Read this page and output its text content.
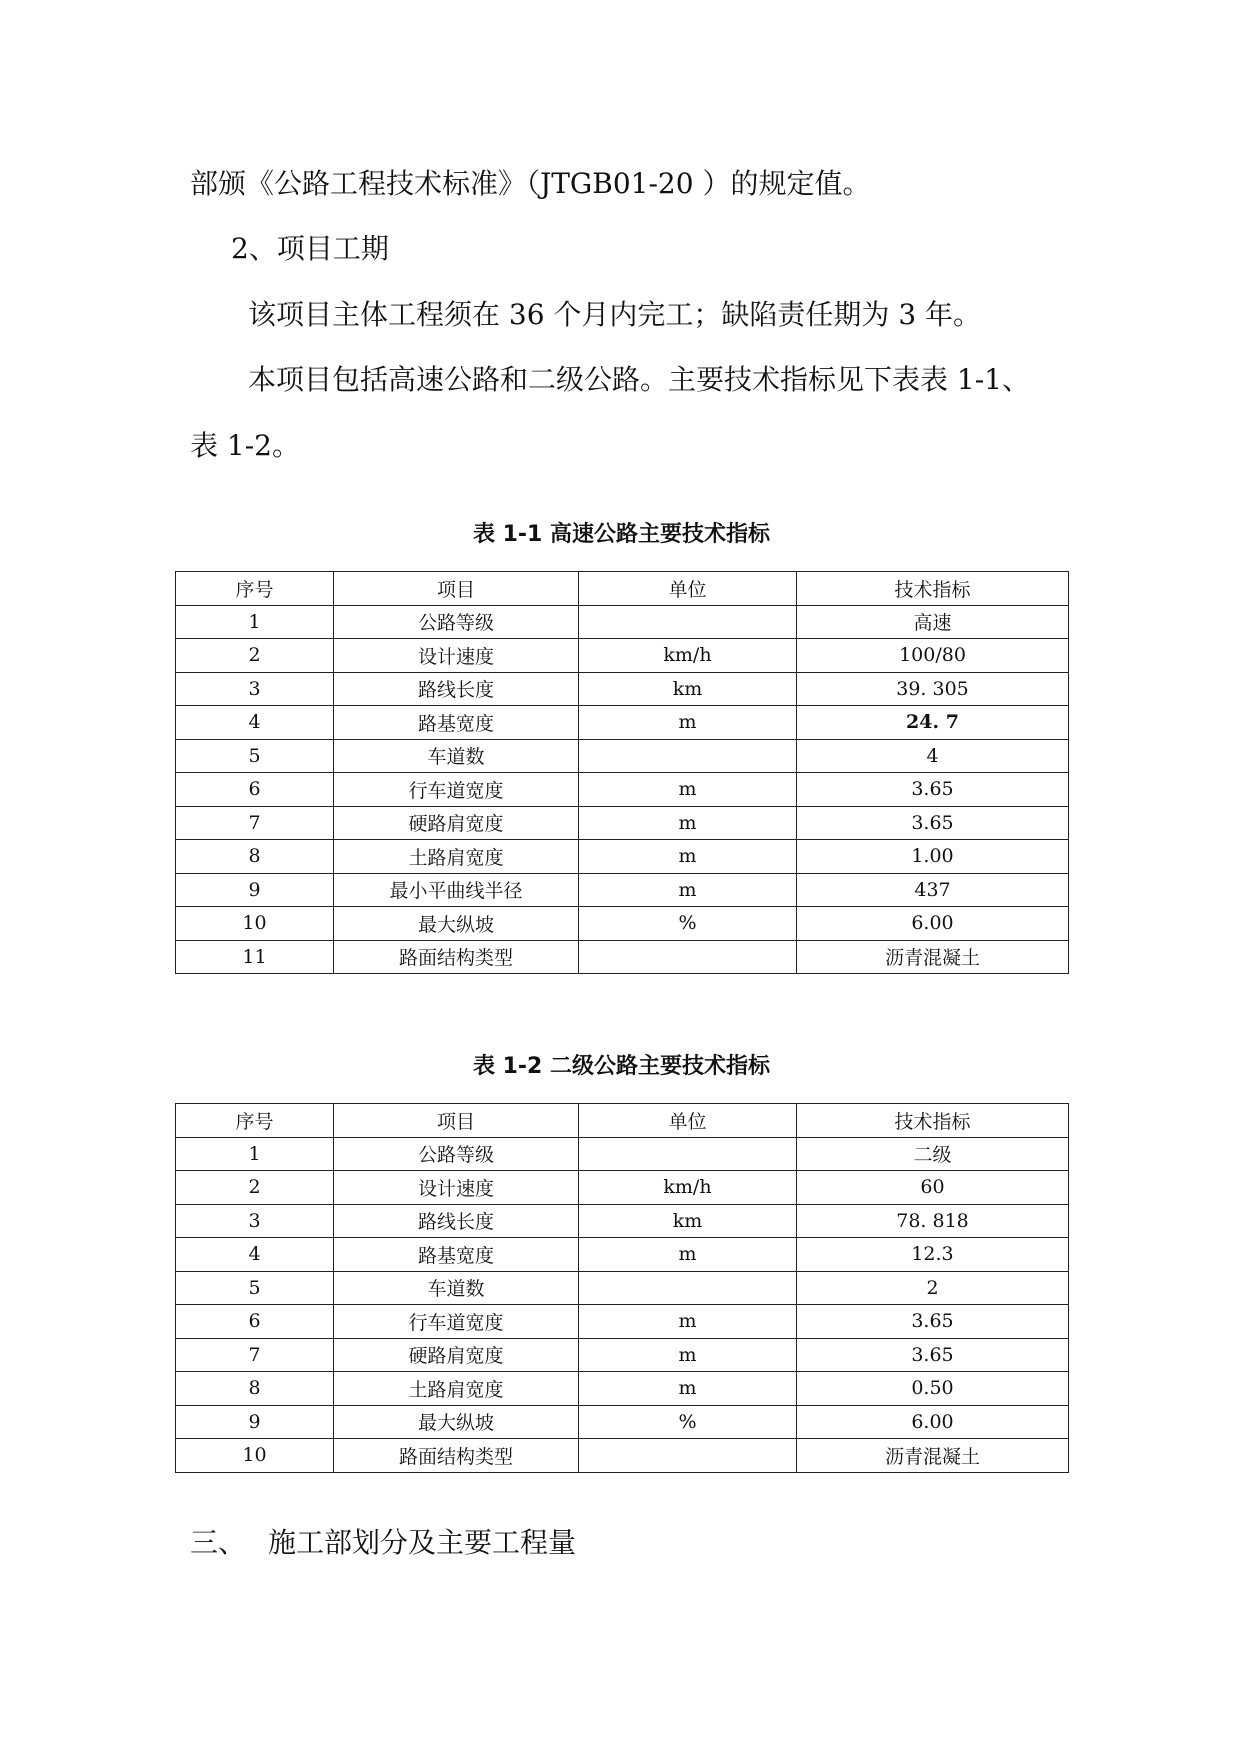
部颁《公路工程技术标准》（JTGB01-20 ）的规定值。
2、项目工期
该项目主体工程须在 36 个月内完工；缺陷责任期为 3 年。
本项目包括高速公路和二级公路。主要技术指标见下表表 1-1、
表 1-2。
表 1-1 高速公路主要技术指标
序号	项目	单位	技术指标
1	公路等级		高速
2	设计速度	km/h	100/80
3	路线长度	km	39. 305
4	路基宽度	m	24. 7
5	车道数		4
6	行车道宽度	m	3.65
7	硬路肩宽度	m	3.65
8	土路肩宽度	m	1.00
9	最小平曲线半径	m	437
10	最大纵坡	%	6.00
11	路面结构类型		沥青混凝土
表 1-2 二级公路主要技术指标
序号	项目	单位	技术指标
1	公路等级		二级
2	设计速度	km/h	60
3	路线长度	km	78. 818
4	路基宽度	m	12.3
5	车道数		2
6	行车道宽度	m	3.65
7	硬路肩宽度	m	3.65
8	土路肩宽度	m	0.50
9	最大纵坡	%	6.00
10	路面结构类型		沥青混凝土
三、 施工部划分及主要工程量
